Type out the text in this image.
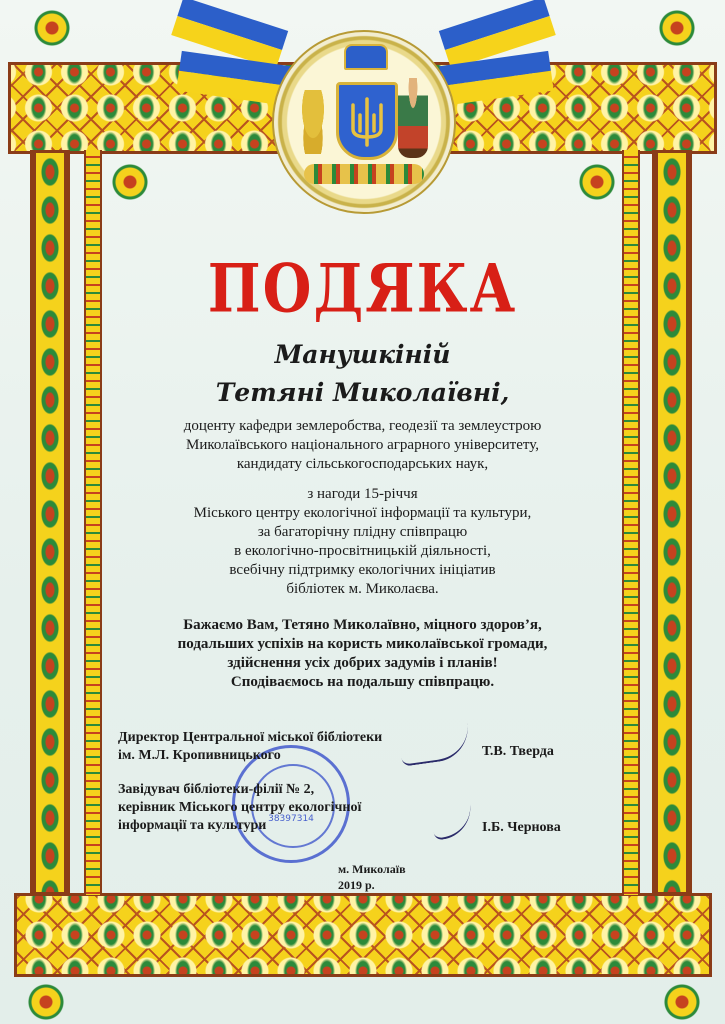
ПОДЯКА
Манушкіній
Тетяні Миколаївні,
доценту кафедри землеробства, геодезії та землеустрою
Миколаївського національного аграрного університету,
кандидату сільськогосподарських наук,
з нагоди 15-річчя
Міського центру екологічної інформації та культури,
за багаторічну плідну співпрацю
в екологічно-просвітницькій діяльності,
всебічну підтримку екологічних ініціатив
бібліотек м. Миколаєва.
Бажаємо Вам, Тетяно Миколаївно, міцного здоров’я,
подальших успіхів на користь миколаївської громади,
здійснення усіх добрих задумів і планів!
Сподіваємось на подальшу співпрацю.
38397314
Директор Центральної міської бібліотеки
ім. М.Л. Кропивницького	Т.В. Тверда
Завідувач бібліотеки-філії № 2,
керівник Міського центру екологічної
інформації та культури	І.Б. Чернова
м. Миколаїв
2019 р.
